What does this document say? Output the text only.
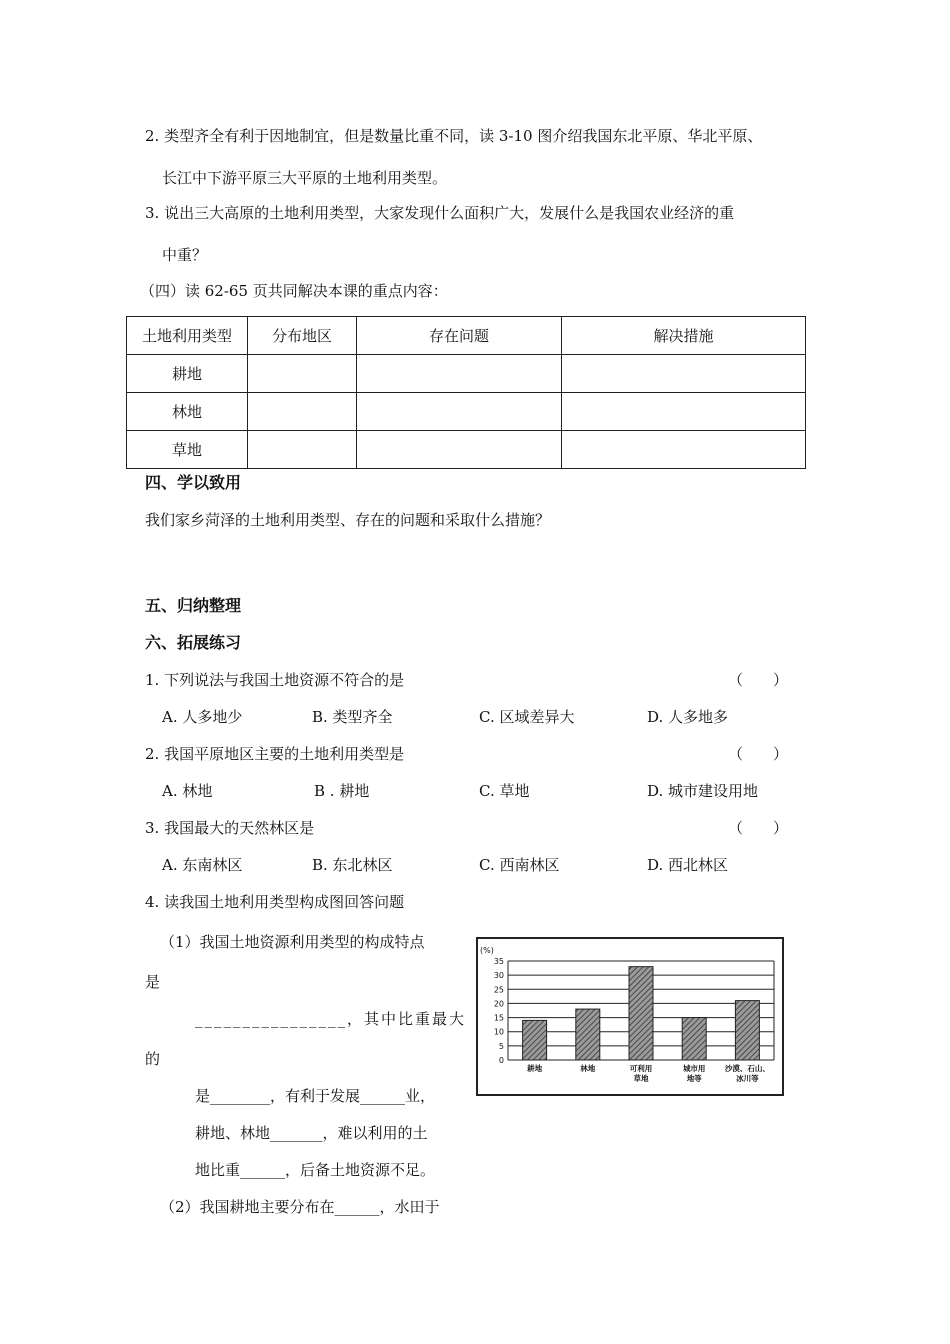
2. 类型齐全有利于因地制宜，但是数量比重不同，读 3-10 图介绍我国东北平原、华北平原、
长江中下游平原三大平原的土地利用类型。
3. 说出三大高原的土地利用类型，大家发现什么面积广大，发展什么是我国农业经济的重
中重？
（四）读 62-65 页共同解决本课的重点内容：
土地利用类型	分布地区	存在问题	解决措施
耕地			
林地			
草地			
四、学以致用
我们家乡菏泽的土地利用类型、存在的问题和采取什么措施？
五、归纳整理
六、拓展练习
1. 下列说法与我国土地资源不符合的是	（　　）
A. 人多地少	B. 类型齐全	C. 区域差异大	D. 人多地多
2. 我国平原地区主要的土地利用类型是	（　　）
A. 林地	B . 耕地	C. 草地	D. 城市建设用地
3. 我国最大的天然林区是	（　　）
A. 东南林区	B. 东北林区	C. 西南林区	D. 西北林区
4. 读我国土地利用类型构成图回答问题
（1）我国土地资源利用类型的构成特点
是
________________，其中比重最大
的
是________，有利于发展______业，
耕地、林地_______，难以利用的土
地比重______，后备土地资源不足。
（2）我国耕地主要分布在______，水田于
(%)
0
5
10
15
20
25
30
35
耕地	林地	可利用
草地
城市用
地等
沙漠、石山、
冰川等
